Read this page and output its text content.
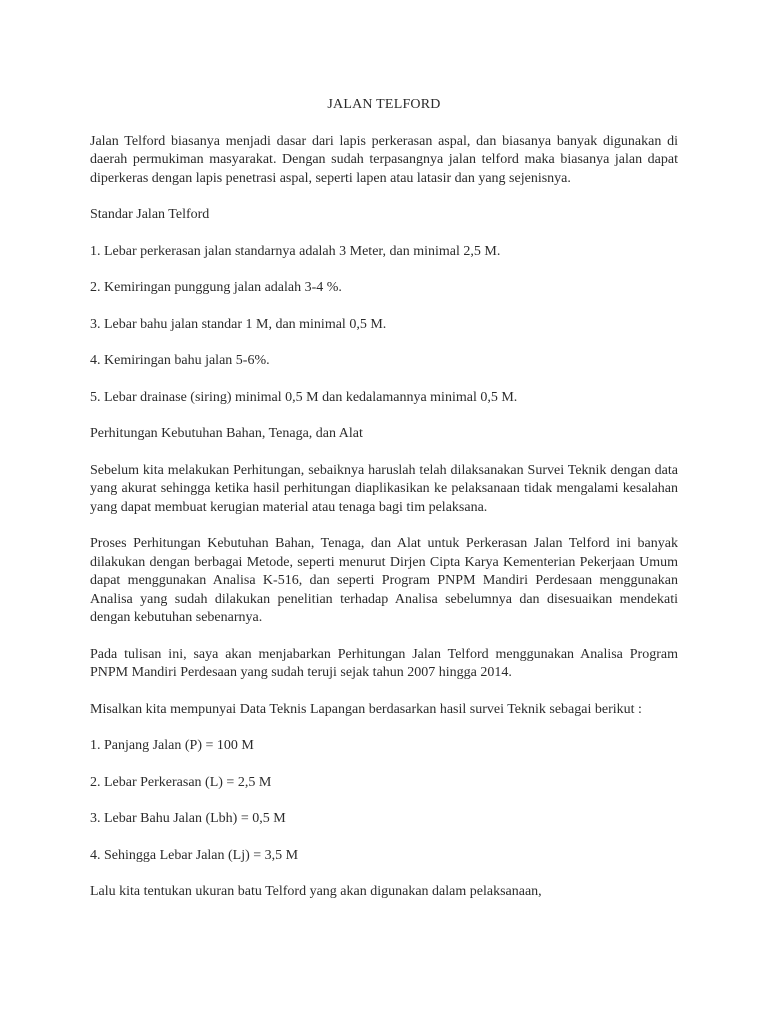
JALAN TELFORD

Jalan Telford biasanya menjadi dasar dari lapis perkerasan aspal, dan biasanya banyak digunakan di daerah permukiman masyarakat. Dengan sudah terpasangnya jalan telford maka biasanya jalan dapat diperkeras dengan lapis penetrasi aspal, seperti lapen atau latasir dan yang sejenisnya.

Standar Jalan Telford

1. Lebar perkerasan jalan standarnya adalah 3 Meter, dan minimal 2,5 M.

2. Kemiringan punggung jalan adalah 3-4 %.

3. Lebar bahu jalan standar 1 M, dan minimal 0,5 M.

4. Kemiringan bahu jalan 5-6%.

5. Lebar drainase (siring) minimal 0,5 M dan kedalamannya minimal 0,5 M.

Perhitungan Kebutuhan Bahan, Tenaga, dan Alat

Sebelum kita melakukan Perhitungan, sebaiknya haruslah telah dilaksanakan Survei Teknik dengan data yang akurat sehingga ketika hasil perhitungan diaplikasikan ke pelaksanaan tidak mengalami kesalahan yang dapat membuat kerugian material atau tenaga bagi tim pelaksana.

Proses Perhitungan Kebutuhan Bahan, Tenaga, dan Alat untuk Perkerasan Jalan Telford ini banyak dilakukan dengan berbagai Metode, seperti menurut Dirjen Cipta Karya Kementerian Pekerjaan Umum dapat menggunakan Analisa K-516, dan seperti Program PNPM Mandiri Perdesaan menggunakan Analisa yang sudah dilakukan penelitian terhadap Analisa sebelumnya dan disesuaikan mendekati dengan kebutuhan sebenarnya.

Pada tulisan ini, saya akan menjabarkan Perhitungan Jalan Telford menggunakan Analisa Program PNPM Mandiri Perdesaan yang sudah teruji sejak tahun 2007 hingga 2014.

Misalkan kita mempunyai Data Teknis Lapangan berdasarkan hasil survei Teknik sebagai berikut :

1. Panjang Jalan (P) = 100 M

2. Lebar Perkerasan (L) = 2,5 M

3. Lebar Bahu Jalan (Lbh) = 0,5 M

4. Sehingga Lebar Jalan (Lj) = 3,5 M

Lalu kita tentukan ukuran batu Telford yang akan digunakan dalam pelaksanaan,
